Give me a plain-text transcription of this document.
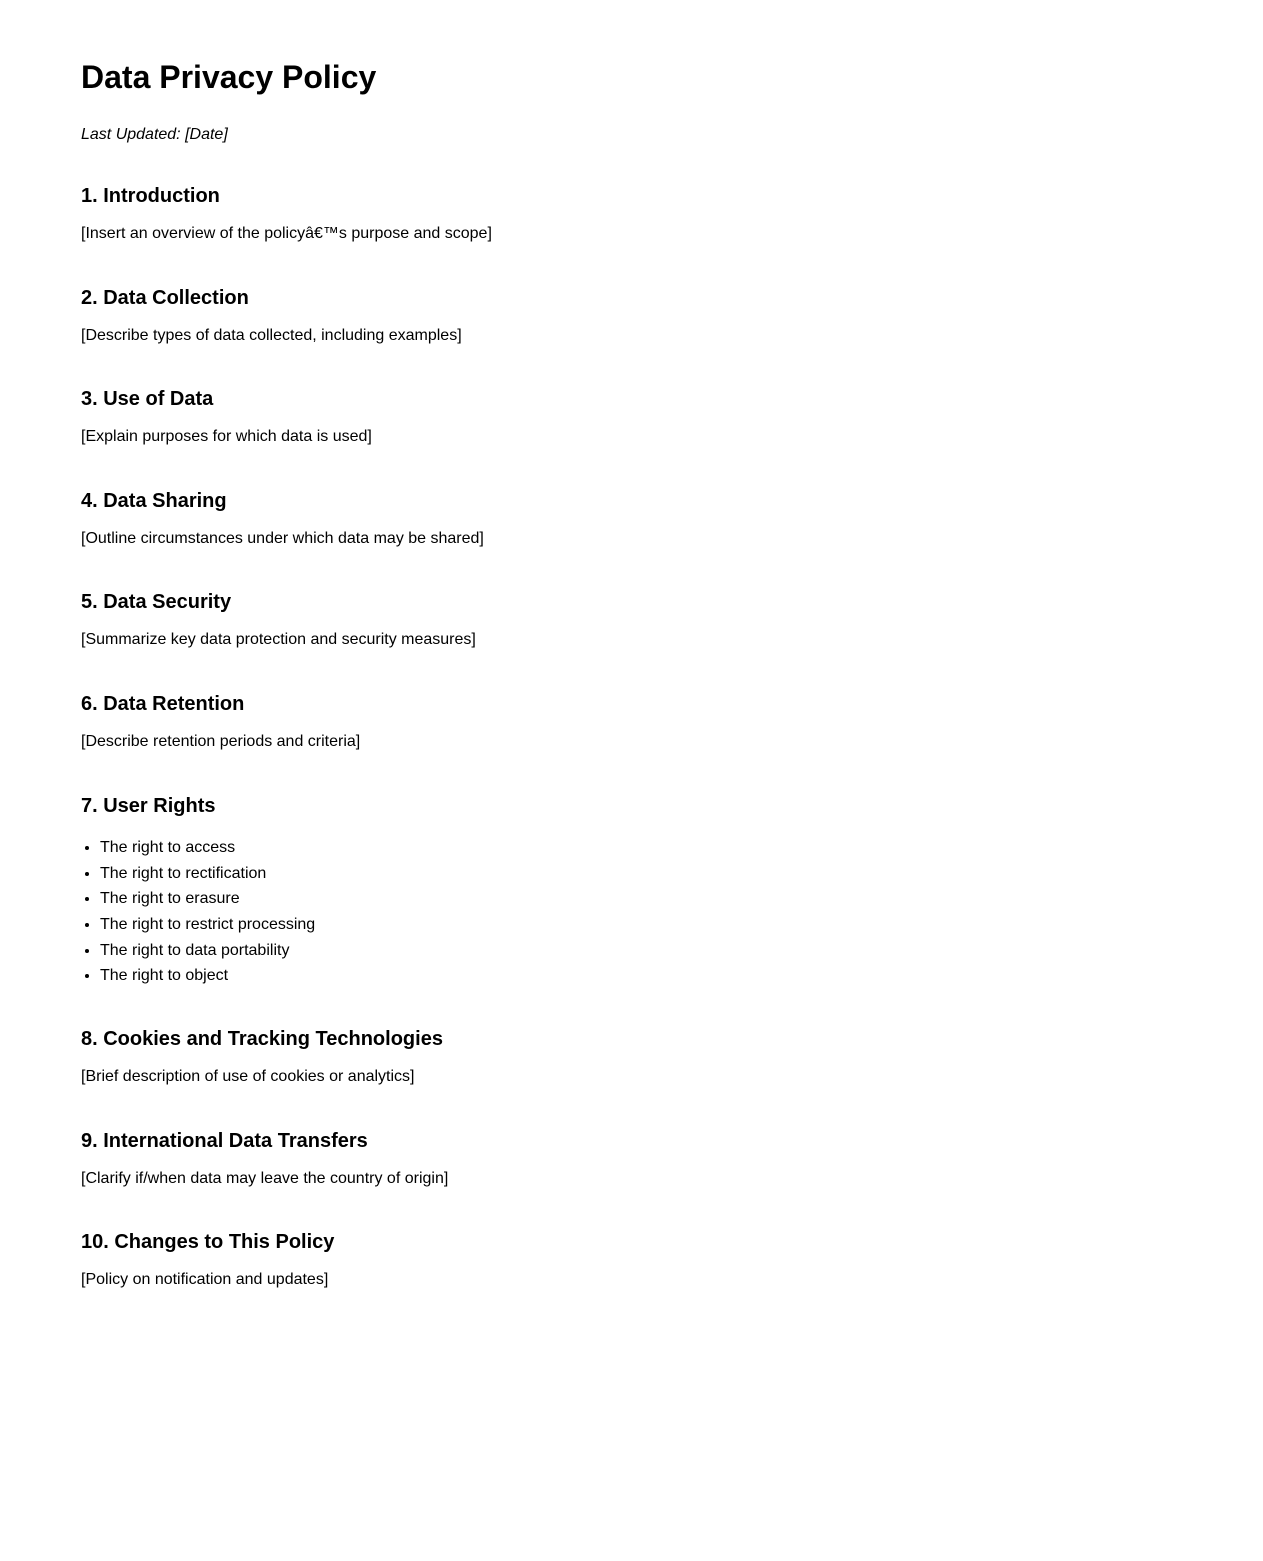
Data Privacy Policy

Last Updated: [Date]

1. Introduction

[Insert an overview of the policyâ€™s purpose and scope]

2. Data Collection

[Describe types of data collected, including examples]

3. Use of Data

[Explain purposes for which data is used]

4. Data Sharing

[Outline circumstances under which data may be shared]

5. Data Security

[Summarize key data protection and security measures]

6. Data Retention

[Describe retention periods and criteria]

7. User Rights
• The right to access
• The right to rectification
• The right to erasure
• The right to restrict processing
• The right to data portability
• The right to object
8. Cookies and Tracking Technologies

[Brief description of use of cookies or analytics]

9. International Data Transfers

[Clarify if/when data may leave the country of origin]

10. Changes to This Policy

[Policy on notification and updates]
